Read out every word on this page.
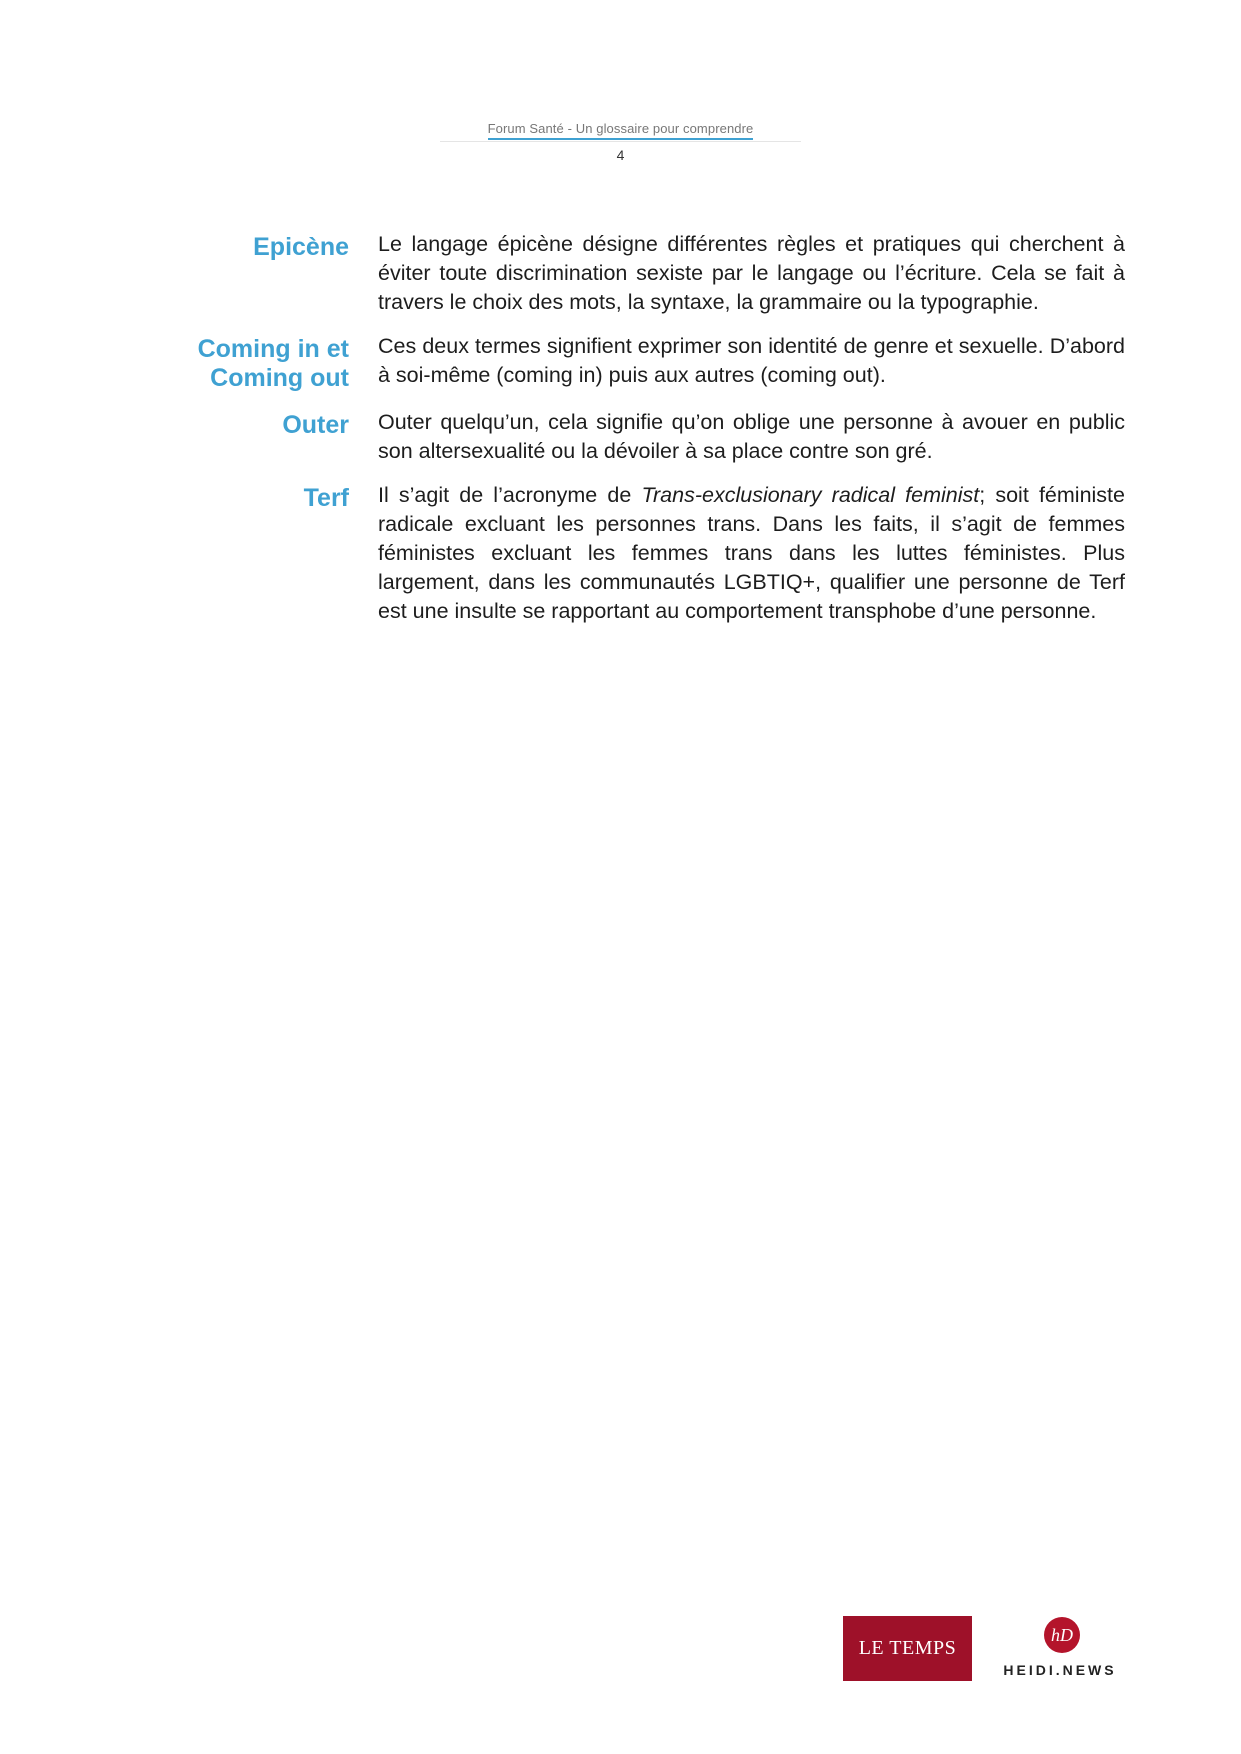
Forum Santé - Un glossaire pour comprendre
4
Epicène Le langage épicène désigne différentes règles et pratiques qui cherchent à éviter toute discrimination sexiste par le langage ou l’écriture. Cela se fait à travers le choix des mots, la syntaxe, la grammaire ou la typographie.
Coming in et
Coming out
Ces deux termes signifient exprimer son identité de genre et sexuelle. D’abord à soi-même (coming in) puis aux autres (coming out).
Outer Outer quelqu’un, cela signifie qu’on oblige une personne à avouer en public son altersexualité ou la dévoiler à sa place contre son gré.
Terf Il s’agit de l’acronyme de Trans-exclusionary radical feminist; soit féministe radicale excluant les personnes trans. Dans les faits, il s’agit de femmes féministes excluant les femmes trans dans les luttes féministes. Plus largement, dans les communautés LGBTIQ+, qualifier une personne de Terf est une insulte se rapportant au comportement transphobe d’une personne.
LE TEMPS
hD
HEIDI.NEWS
